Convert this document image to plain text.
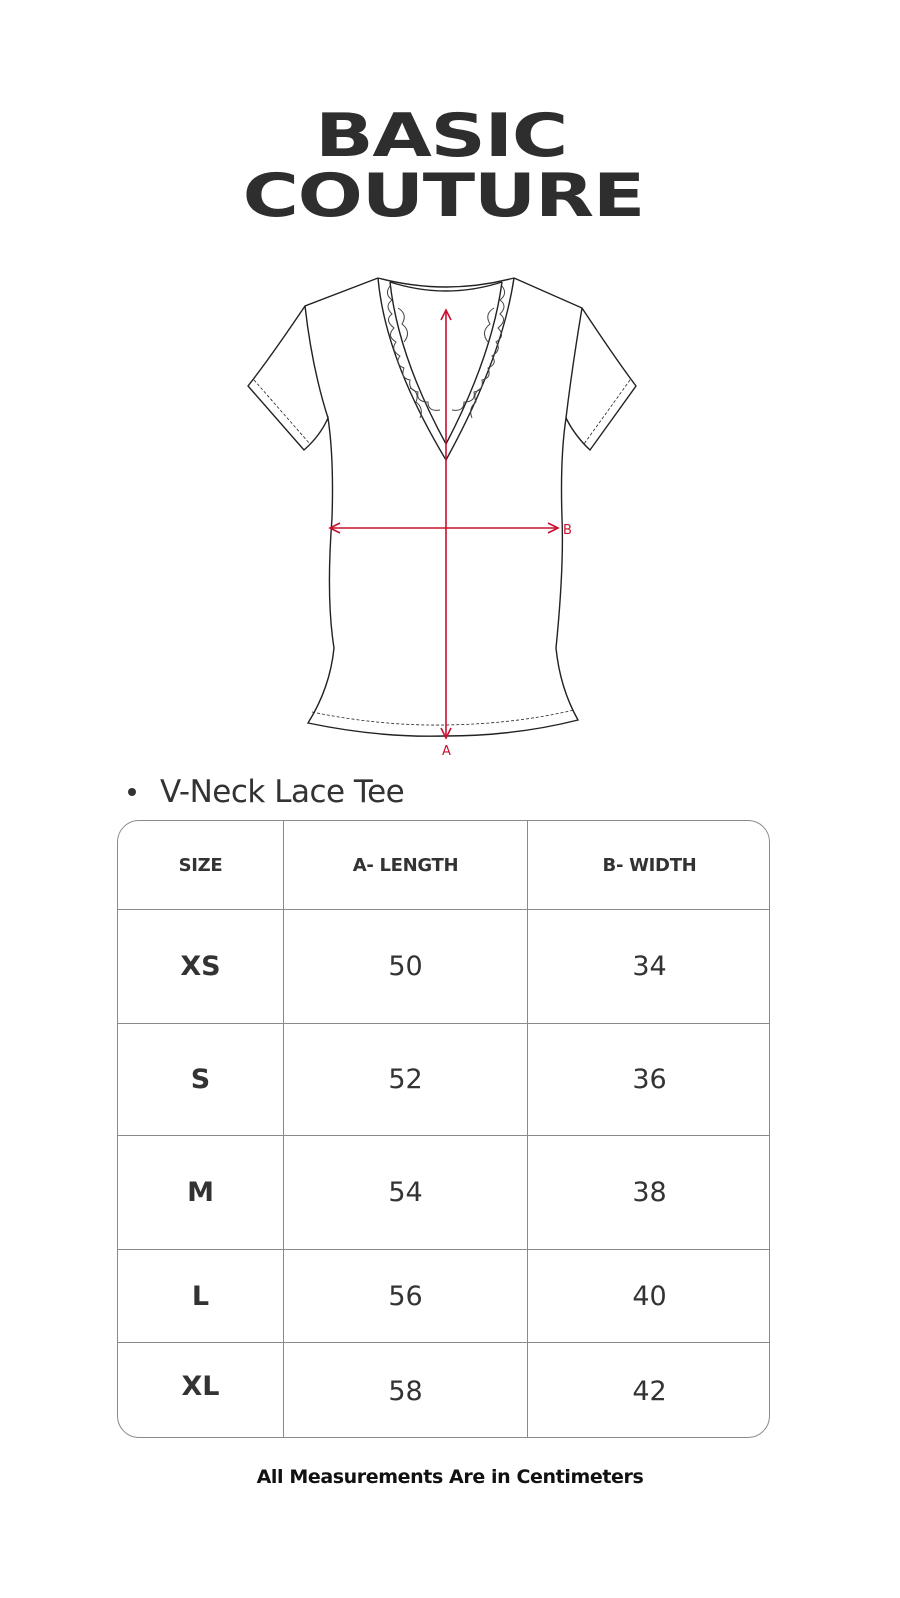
BASIC
COUTURE
A
B
V-Neck Lace Tee
SIZE	A- LENGTH	B- WIDTH
XS	50	34
S	52	36
M	54	38
L	56	40
XL	58	42
All Measurements Are in Centimeters
